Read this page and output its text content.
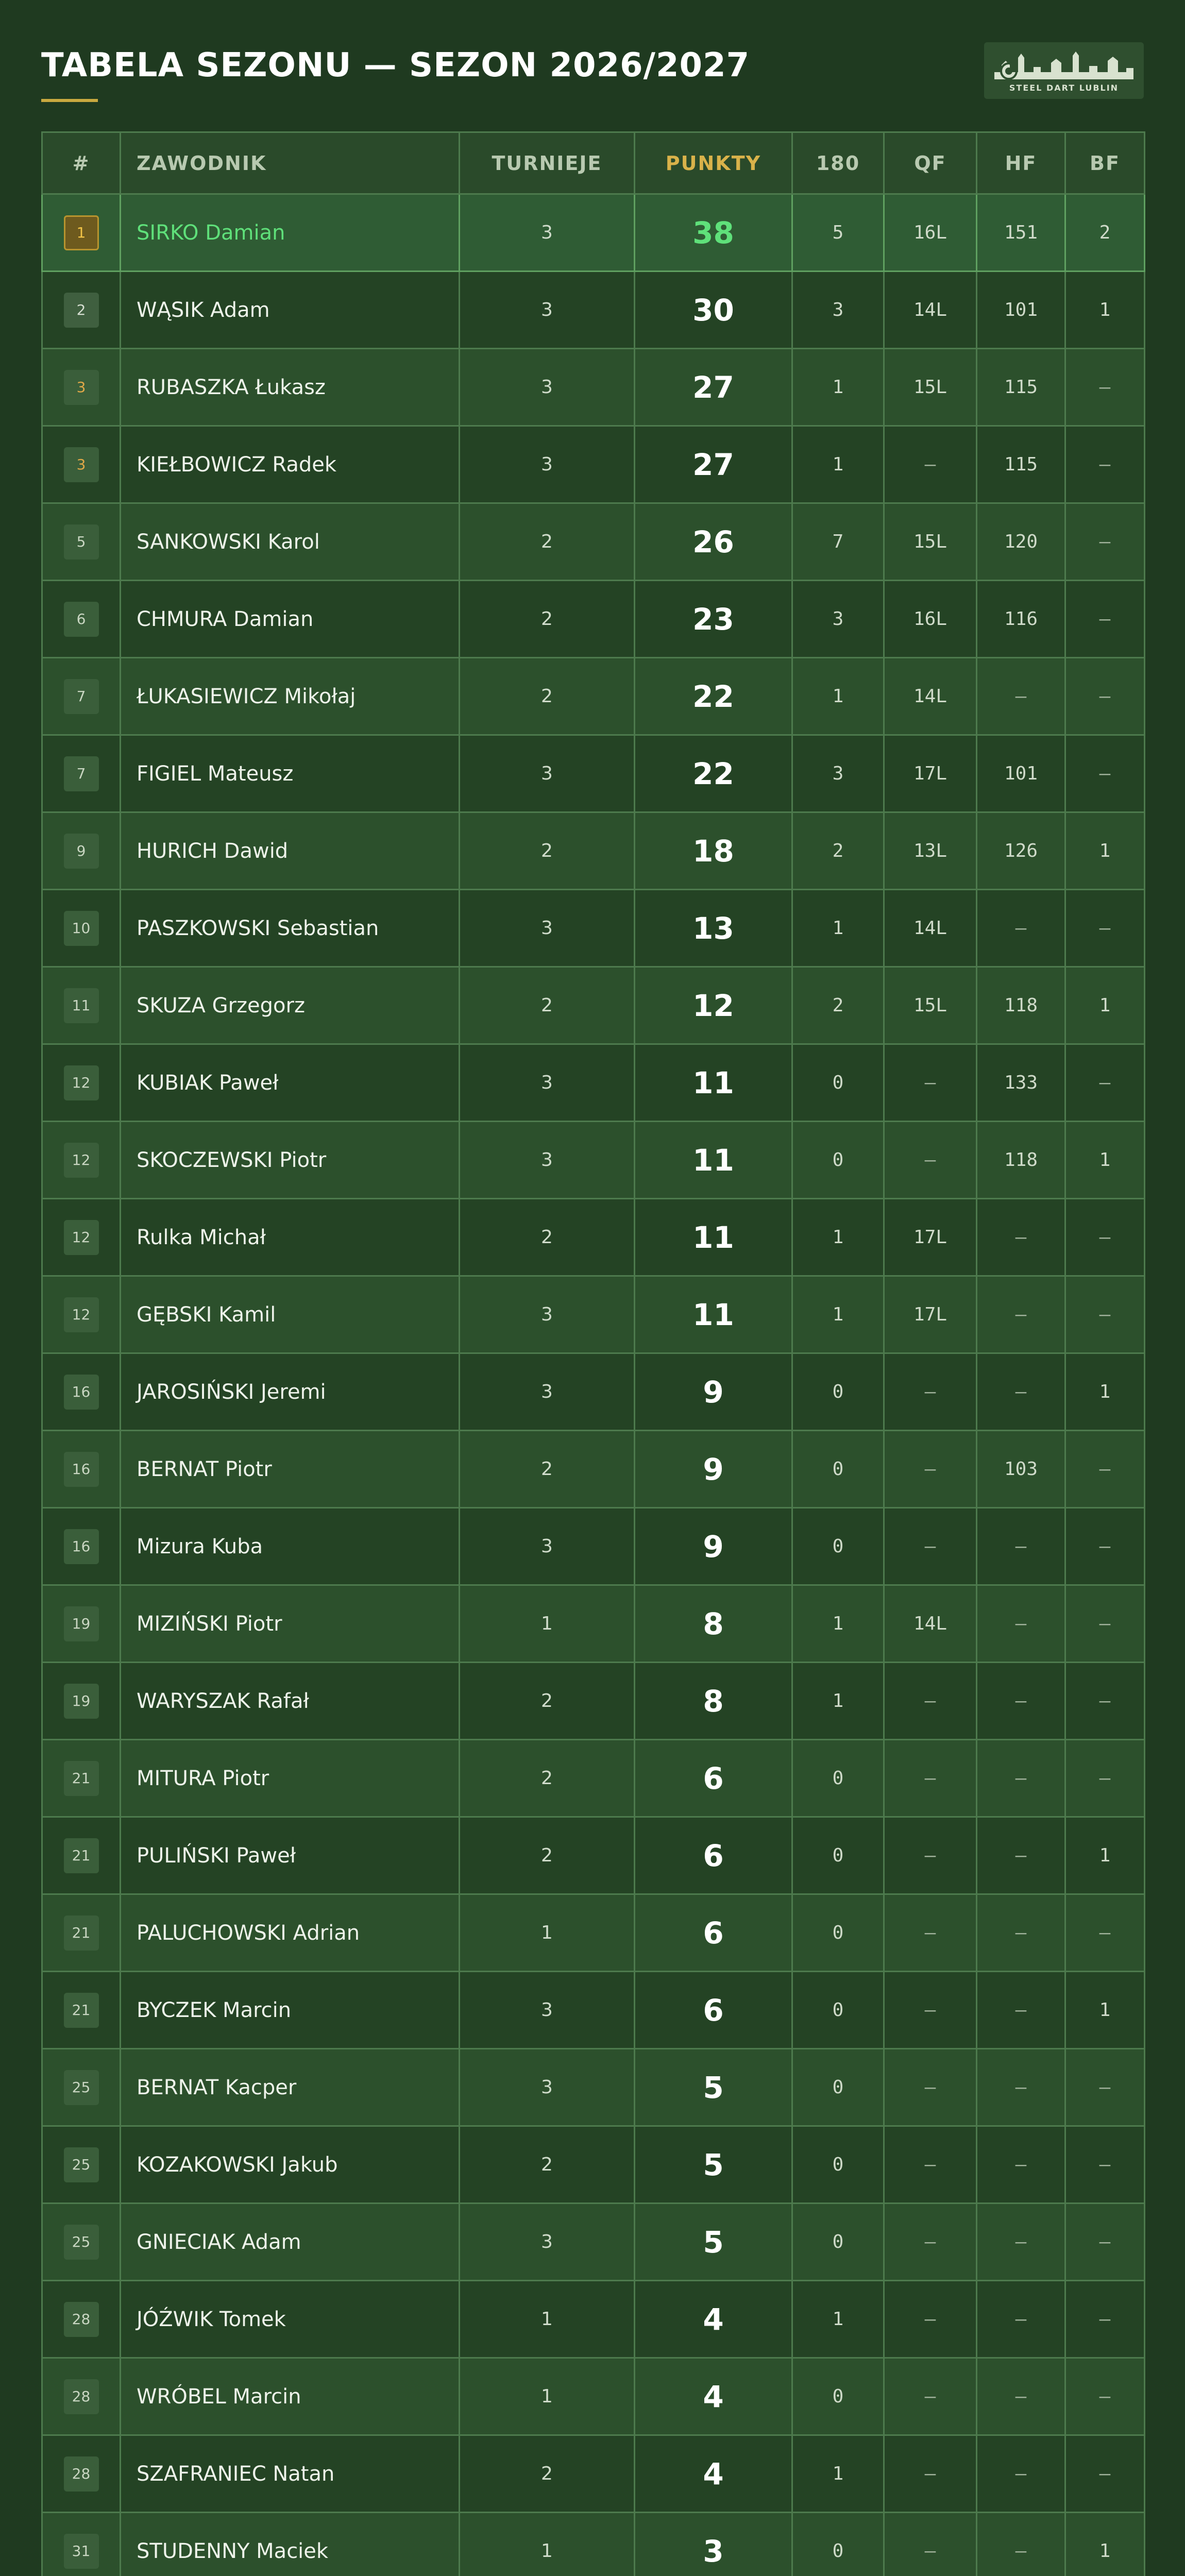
TABELA SEZONU — SEZON 2026/2027
STEEL DART LUBLIN
#	ZAWODNIK	TURNIEJE	PUNKTY	180	QF	HF	BF
1	SIRKO Damian	3	38	5	16L	151	2
2	WĄSIK Adam	3	30	3	14L	101	1
3	RUBASZKA Łukasz	3	27	1	15L	115	–
3	KIEŁBOWICZ Radek	3	27	1	–	115	–
5	SANKOWSKI Karol	2	26	7	15L	120	–
6	CHMURA Damian	2	23	3	16L	116	–
7	ŁUKASIEWICZ Mikołaj	2	22	1	14L	–	–
7	FIGIEL Mateusz	3	22	3	17L	101	–
9	HURICH Dawid	2	18	2	13L	126	1
10	PASZKOWSKI Sebastian	3	13	1	14L	–	–
11	SKUZA Grzegorz	2	12	2	15L	118	1
12	KUBIAK Paweł	3	11	0	–	133	–
12	SKOCZEWSKI Piotr	3	11	0	–	118	1
12	Rulka Michał	2	11	1	17L	–	–
12	GĘBSKI Kamil	3	11	1	17L	–	–
16	JAROSIŃSKI Jeremi	3	9	0	–	–	1
16	BERNAT Piotr	2	9	0	–	103	–
16	Mizura Kuba	3	9	0	–	–	–
19	MIZIŃSKI Piotr	1	8	1	14L	–	–
19	WARYSZAK Rafał	2	8	1	–	–	–
21	MITURA Piotr	2	6	0	–	–	–
21	PULIŃSKI Paweł	2	6	0	–	–	1
21	PALUCHOWSKI Adrian	1	6	0	–	–	–
21	BYCZEK Marcin	3	6	0	–	–	1
25	BERNAT Kacper	3	5	0	–	–	–
25	KOZAKOWSKI Jakub	2	5	0	–	–	–
25	GNIECIAK Adam	3	5	0	–	–	–
28	JÓŹWIK Tomek	1	4	1	–	–	–
28	WRÓBEL Marcin	1	4	0	–	–	–
28	SZAFRANIEC Natan	2	4	1	–	–	–
31	STUDENNY Maciek	1	3	0	–	–	1
